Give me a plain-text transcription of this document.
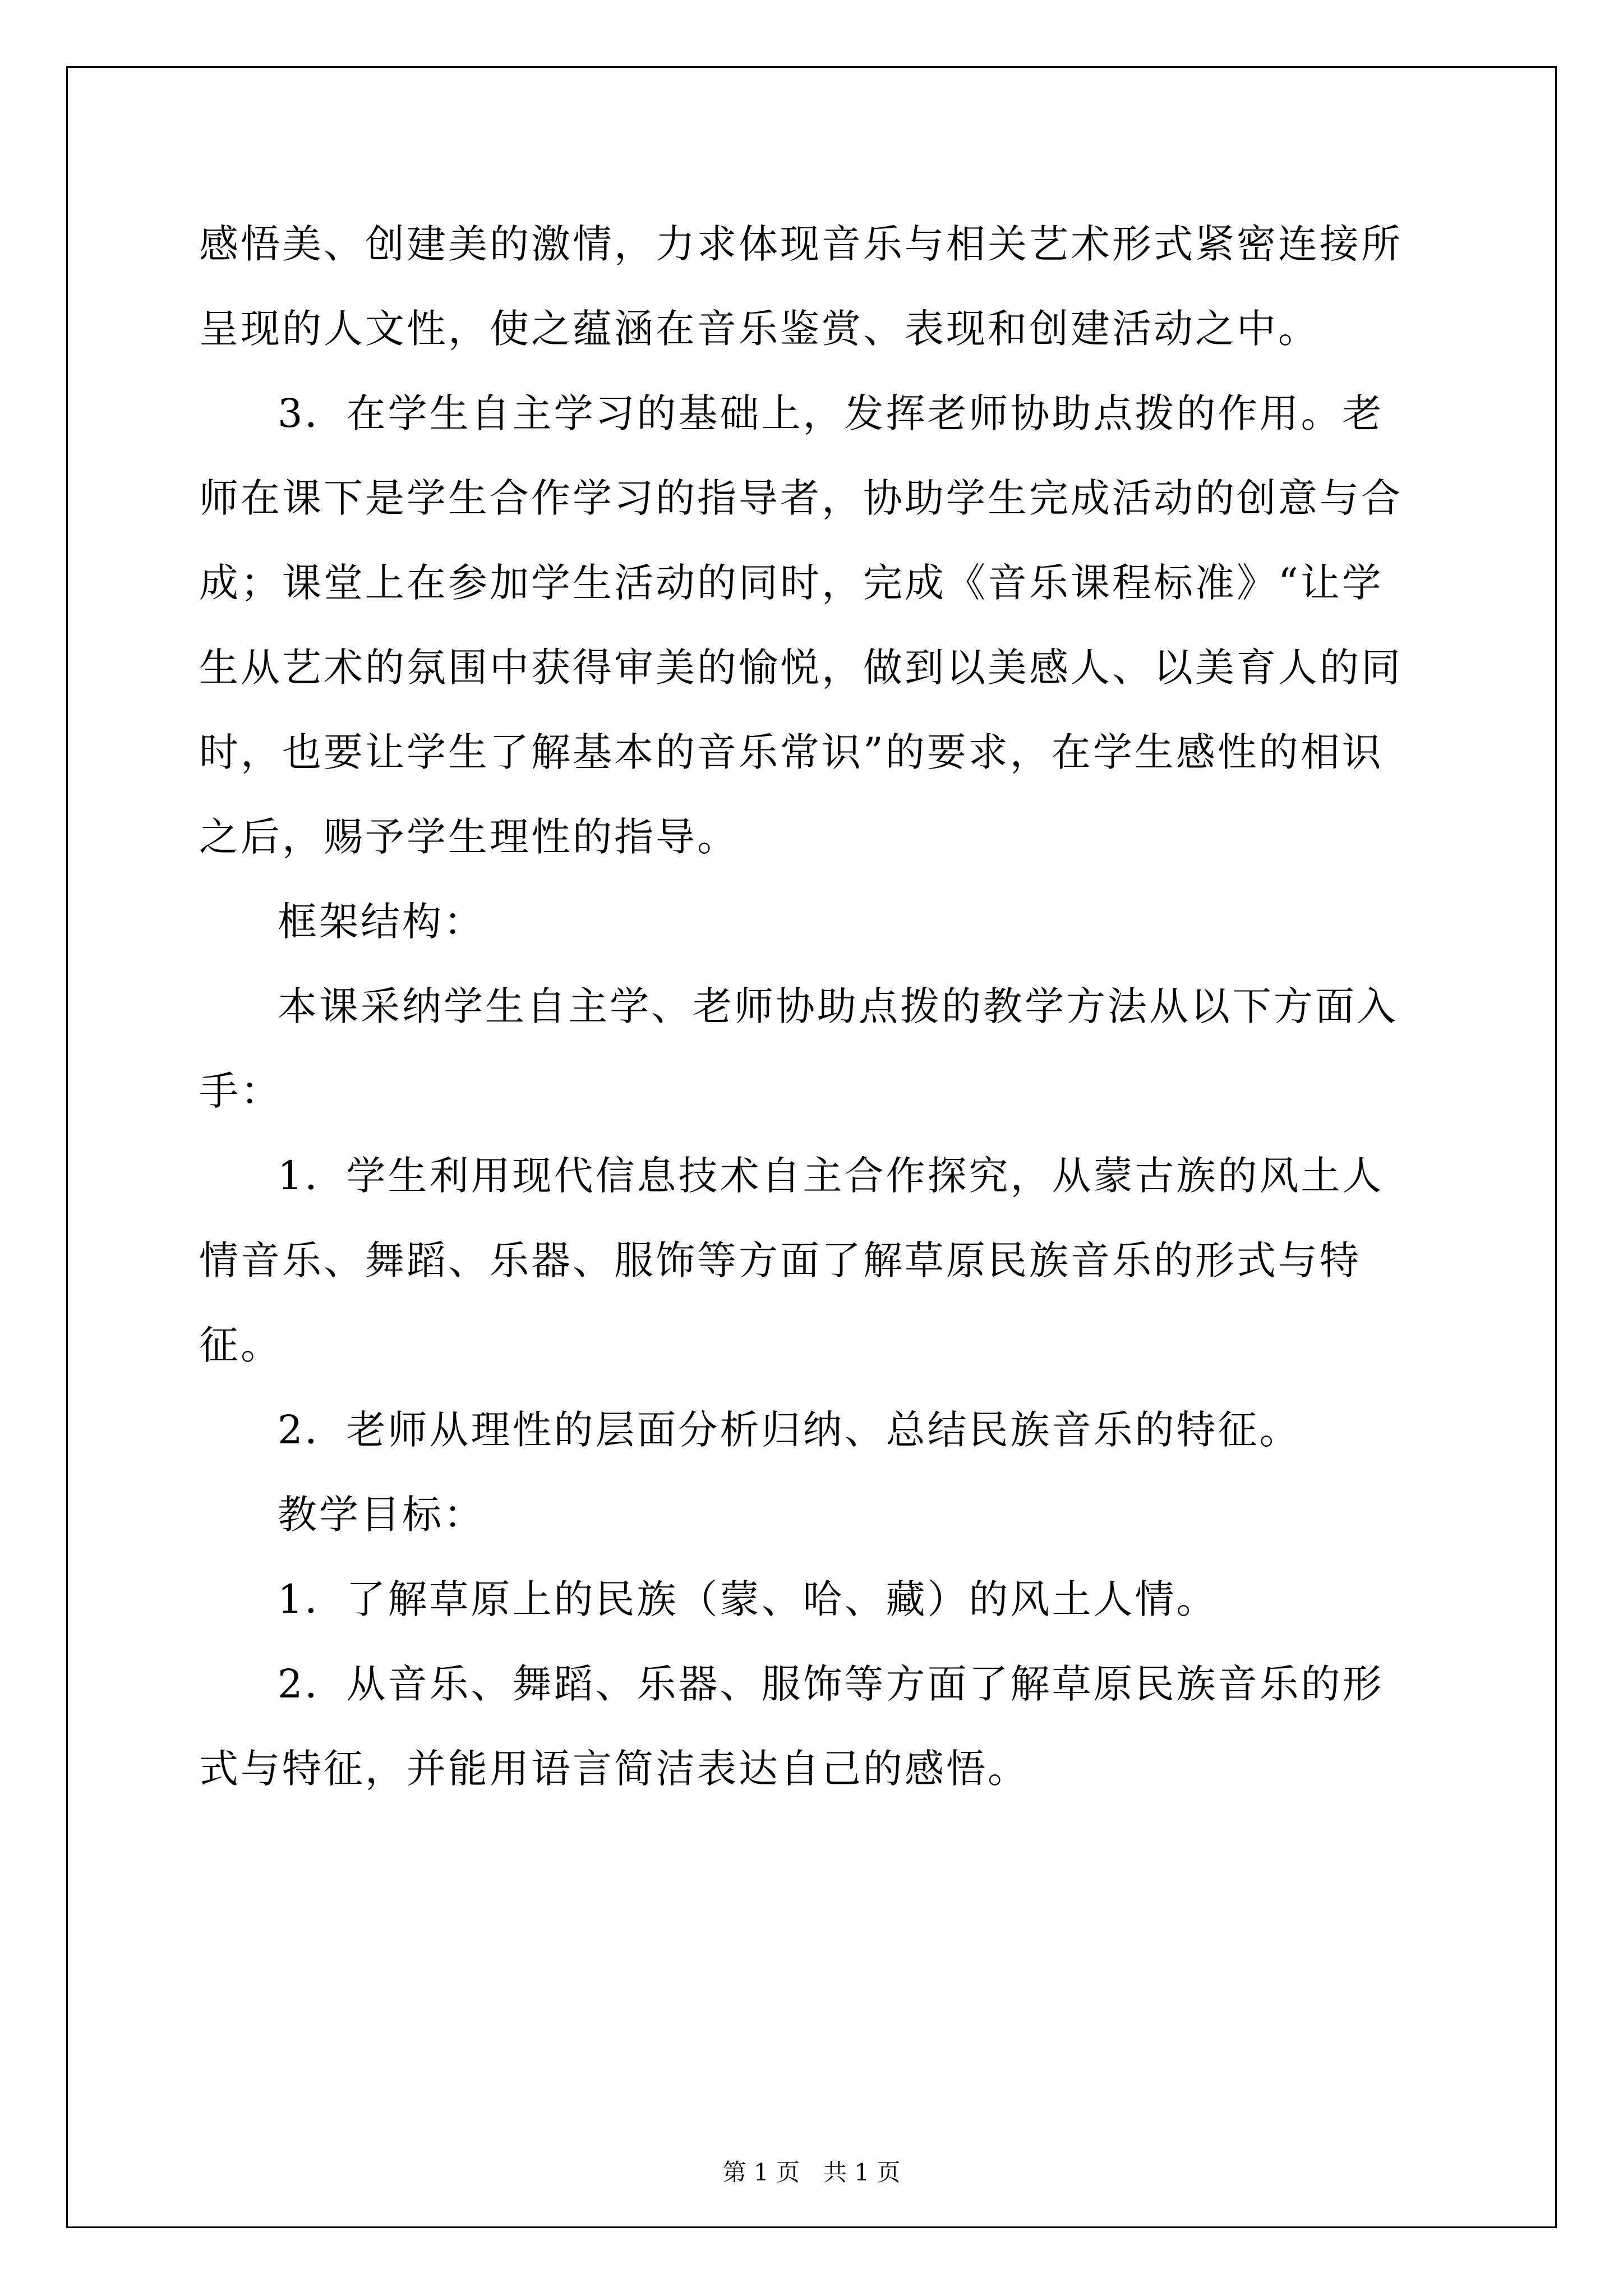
感悟美、创建美的激情，力求体现音乐与相关艺术形式紧密连接所呈现的人文性，使之蕴涵在音乐鉴赏、表现和创建活动之中。

3．在学生自主学习的基础上，发挥老师协助点拨的作用。老师在课下是学生合作学习的指导者，协助学生完成活动的创意与合成；课堂上在参加学生活动的同时，完成《音乐课程标准》“让学生从艺术的氛围中获得审美的愉悦，做到以美感人、以美育人的同时，也要让学生了解基本的音乐常识”的要求，在学生感性的相识之后，赐予学生理性的指导。

框架结构：

本课采纳学生自主学、老师协助点拨的教学方法从以下方面入手：

1．学生利用现代信息技术自主合作探究，从蒙古族的风土人情音乐、舞蹈、乐器、服饰等方面了解草原民族音乐的形式与特征。

2．老师从理性的层面分析归纳、总结民族音乐的特征。

教学目标：

1．了解草原上的民族（蒙、哈、藏）的风土人情。

2．从音乐、舞蹈、乐器、服饰等方面了解草原民族音乐的形式与特征，并能用语言简洁表达自己的感悟。

第 1 页　共 1 页
